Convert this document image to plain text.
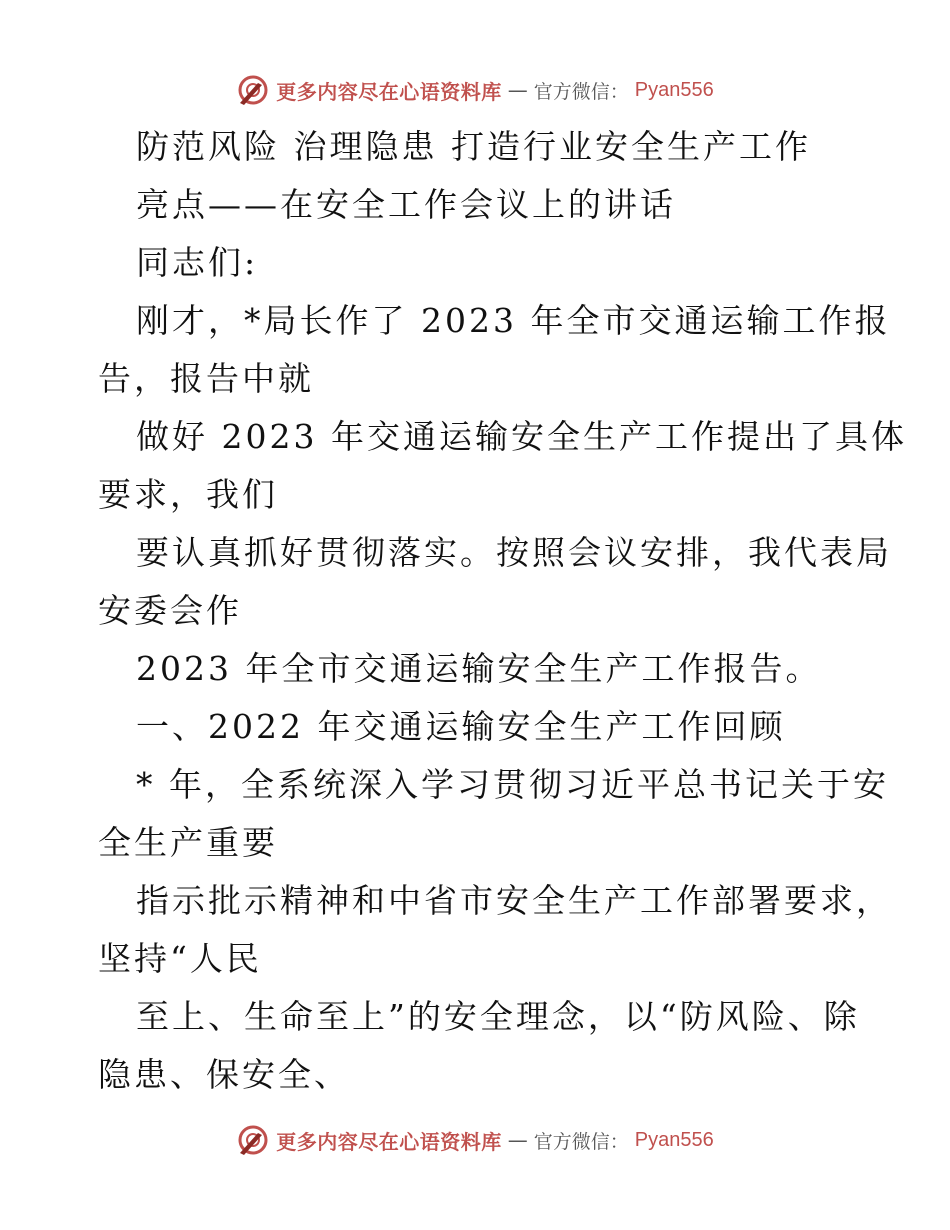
更多内容尽在心语资料库 — 官方微信： Pyan556

防范风险 治理隐患 打造行业安全生产工作

亮点——在安全工作会议上的讲话

同志们:

刚才，*局长作了 2023 年全市交通运输工作报

告，报告中就

做好 2023 年交通运输安全生产工作提出了具体

要求，我们

要认真抓好贯彻落实。按照会议安排，我代表局

安委会作

2023 年全市交通运输安全生产工作报告。

一、2022 年交通运输安全生产工作回顾

* 年，全系统深入学习贯彻习近平总书记关于安

全生产重要

指示批示精神和中省市安全生产工作部署要求，

坚持“人民

至上、生命至上”的安全理念，以“防风险、除

隐患、保安全、

更多内容尽在心语资料库 — 官方微信： Pyan556
